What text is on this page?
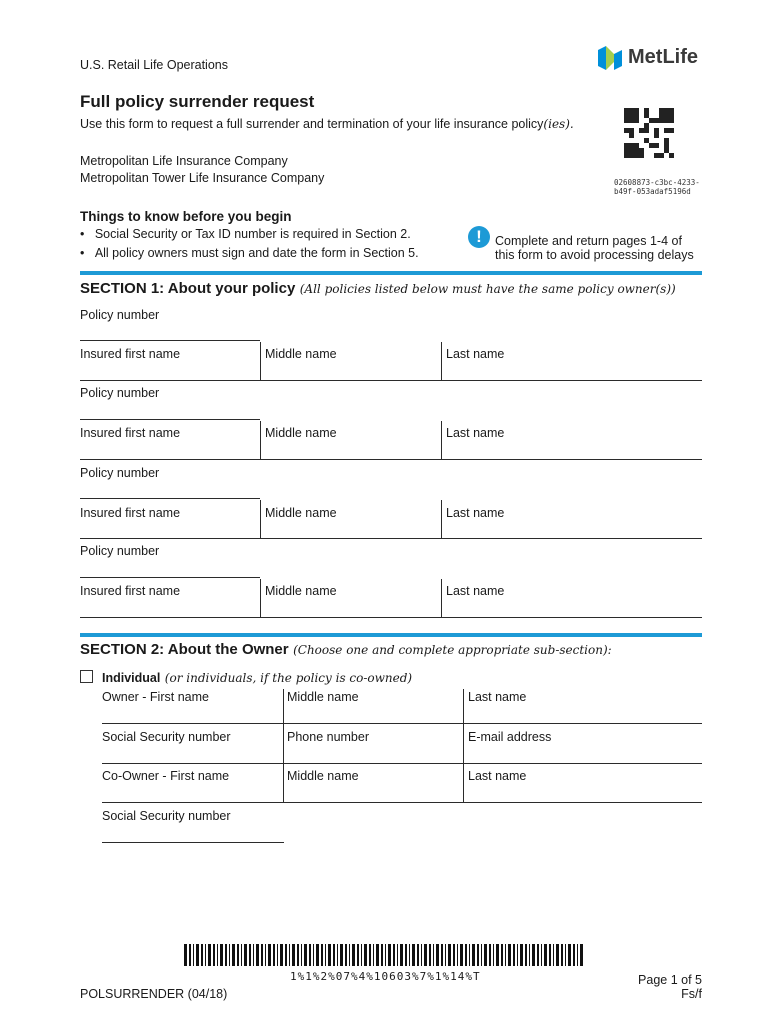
U.S. Retail Life Operations	MetLife
Full policy surrender request
Use this form to request a full surrender and termination of your life insurance policy(ies).
02608873-c3bc-4233-
b49f-053adaf5196d
Metropolitan Life Insurance Company
Metropolitan Tower Life Insurance Company
Things to know before you begin
• Social Security or Tax ID number is required in Section 2.
• All policy owners must sign and date the form in Section 5.
!	Complete and return pages 1-4 of
this form to avoid processing delays
SECTION 1: About your policy (All policies listed below must have the same policy owner(s))
Policy number
Insured first name	Middle name	Last name
Policy number
Insured first name	Middle name	Last name
Policy number
Insured first name	Middle name	Last name
Policy number
Insured first name	Middle name	Last name
SECTION 2: About the Owner (Choose one and complete appropriate sub-section):
Individual (or individuals, if the policy is co-owned)
Owner - First name	Middle name	Last name
Social Security number	Phone number	E-mail address
Co-Owner - First name	Middle name	Last name
Social Security number
1%1%2%07%4%10603%7%1%14%T
POLSURRENDER (04/18)
Page 1 of 5
Fs/f
